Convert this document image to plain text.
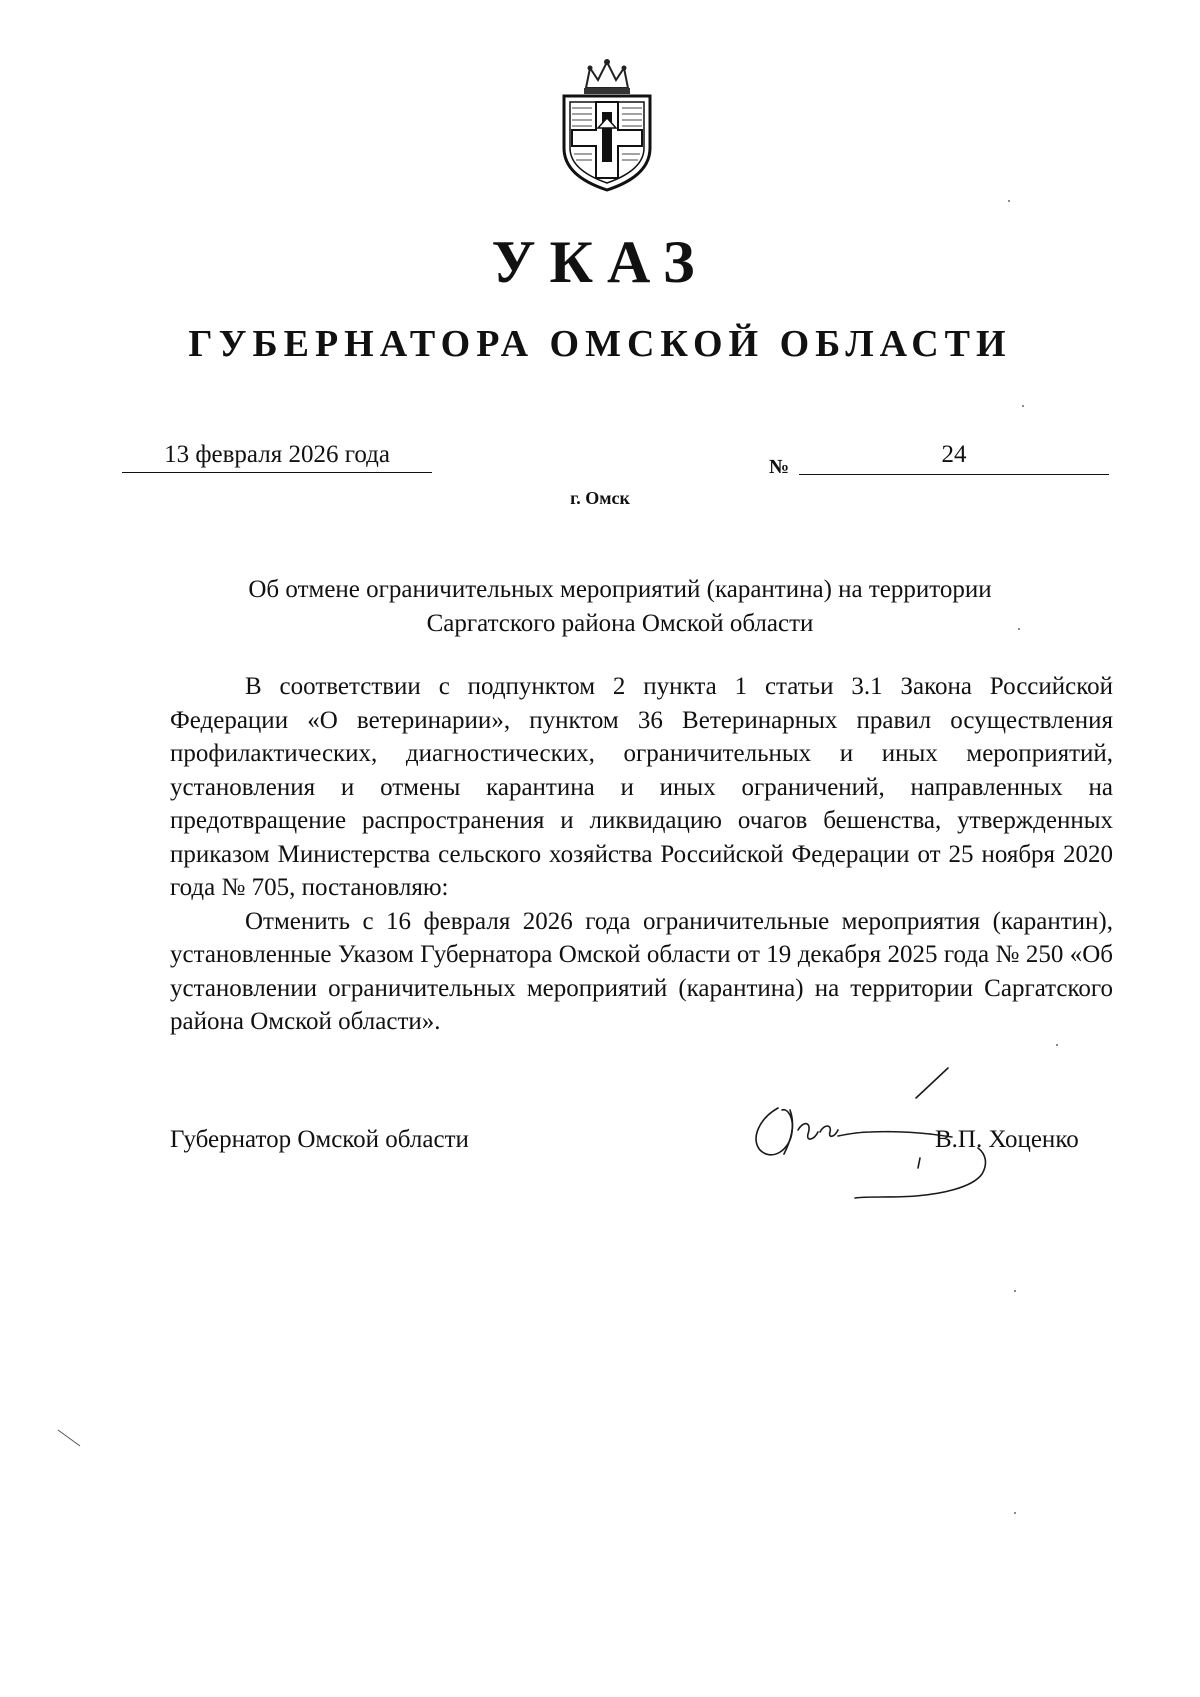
УКАЗ
ГУБЕРНАТОРА ОМСКОЙ ОБЛАСТИ
13 февраля 2026 года	№	24
г. Омск
Об отмене ограничительных мероприятий (карантина) на территории
Саргатского района Омской области

В соответствии с подпунктом 2 пункта 1 статьи 3.1 Закона Российской Федерации «О ветеринарии», пунктом 36 Ветеринарных правил осуществления профилактических, диагностических, ограничительных и иных мероприятий, установления и отмены карантина и иных ограничений, направленных на предотвращение распространения и ликвидацию очагов бешенства, утвержденных приказом Министерства сельского хозяйства Российской Федерации от 25 ноября 2020 года № 705, постановляю:

Отменить с 16 февраля 2026 года ограничительные мероприятия (карантин), установленные Указом Губернатора Омской области от 19 декабря 2025 года № 250 «Об установлении ограничительных мероприятий (карантина) на территории Саргатского района Омской области».

Губернатор Омской области	В.П. Хоценко
